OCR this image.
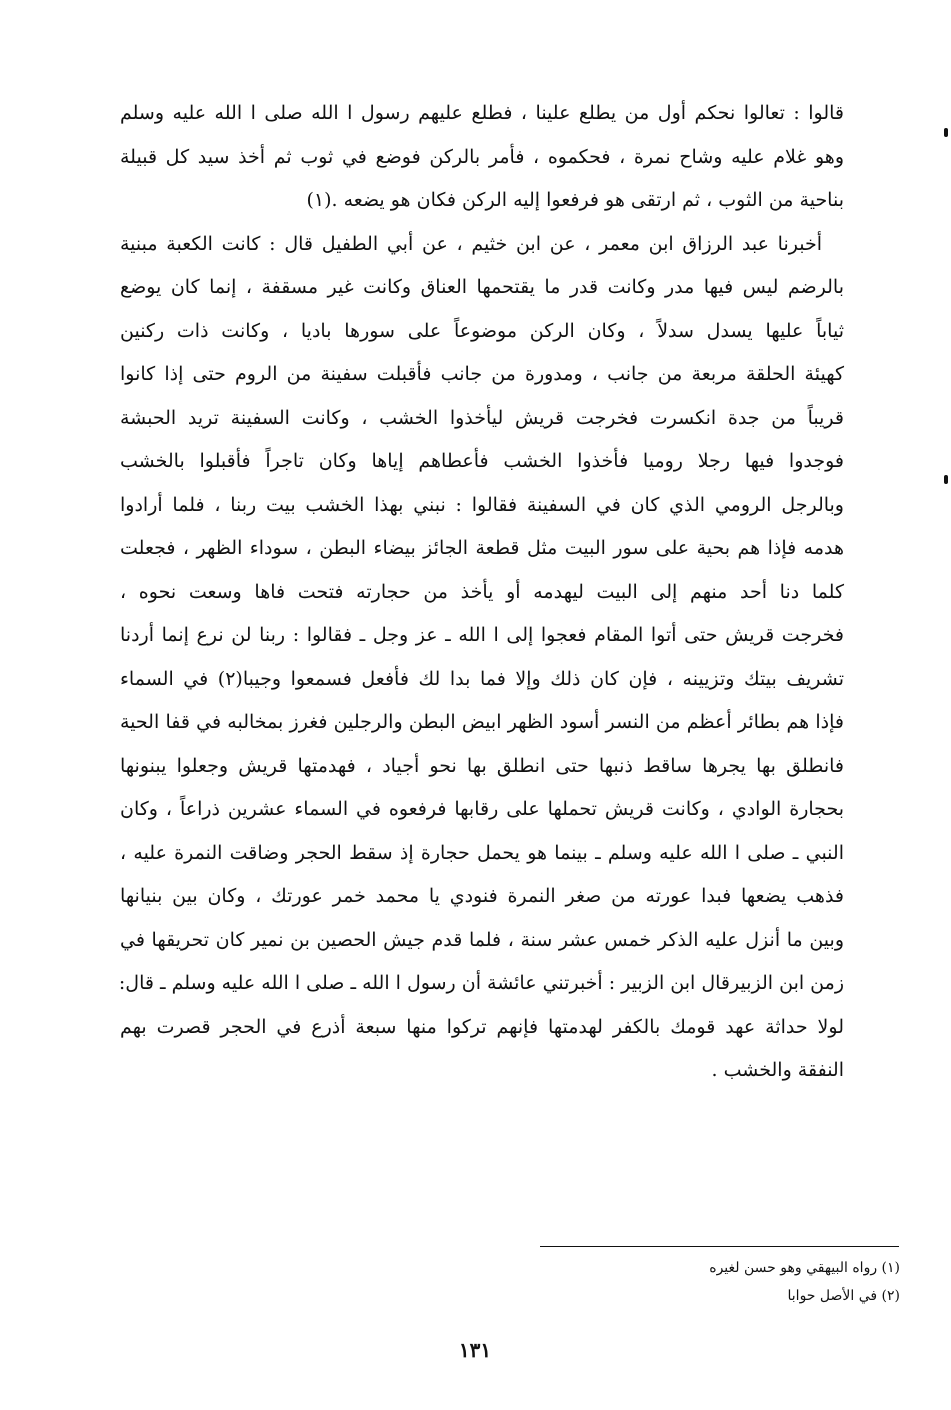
قالوا : تعالوا نحكم أول من يطلع علينا ، فطلع عليهم رسول ا الله صلى ا الله عليه وسلم
وهو غلام عليه وشاح نمرة ، فحكموه ، فأمر بالركن فوضع في ثوب ثم أخذ سيد كل قبيلة
بناحية من الثوب ، ثم ارتقى هو فرفعوا إليه الركن فكان هو يضعه .(١)
أخبرنا عبد الرزاق ابن معمر ، عن ابن خثيم ، عن أبي الطفيل قال : كانت الكعبة مبنية
بالرضم ليس فيها مدر وكانت قدر ما يقتحمها العناق وكانت غير مسقفة ، إنما كان يوضع
ثياباً عليها يسدل سدلاً ، وكان الركن موضوعاً على سورها باديا ، وكانت ذات ركنين
كهيئة الحلقة مربعة من جانب ، ومدورة من جانب فأقبلت سفينة من الروم حتى إذا كانوا
قريباً من جدة انكسرت فخرجت قريش ليأخذوا الخشب ، وكانت السفينة تريد الحبشة
فوجدوا فيها رجلا روميا فأخذوا الخشب فأعطاهم إياها وكان تاجراً فأقبلوا بالخشب
وبالرجل الرومي الذي كان في السفينة فقالوا : نبني بهذا الخشب بيت ربنا ، فلما أرادوا
هدمه فإذا هم بحية على سور البيت مثل قطعة الجائز بيضاء البطن ، سوداء الظهر ، فجعلت
كلما دنا أحد منهم إلى البيت ليهدمه أو يأخذ من حجارته فتحت فاها وسعت نحوه ،
فخرجت قريش حتى أتوا المقام فعجوا إلى ا الله ـ عز وجل ـ فقالوا : ربنا لن نرع إنما أردنا
تشريف بيتك وتزيينه ، فإن كان ذلك وإلا فما بدا لك فأفعل فسمعوا وجيبا(٢) في السماء
فإذا هم بطائر أعظم من النسر أسود الظهر ابيض البطن والرجلين فغرز بمخالبه في قفا الحية
فانطلق بها يجرها ساقط ذنبها حتى انطلق بها نحو أجياد ، فهدمتها قريش وجعلوا يبنونها
بحجارة الوادي ، وكانت قريش تحملها على رقابها فرفعوه في السماء عشرين ذراعاً ، وكان
النبي ـ صلى ا الله عليه وسلم ـ بينما هو يحمل حجارة إذ سقط الحجر وضاقت النمرة عليه ،
فذهب يضعها فبدا عورته من صغر النمرة فنودي يا محمد خمر عورتك ، وكان بين بنيانها
وبين ما أنزل عليه الذكر خمس عشر سنة ، فلما قدم جيش الحصين بن نمير كان تحريقها في
زمن ابن الزبيرقال ابن الزبير : أخبرتني عائشة أن رسول ا الله ـ صلى ا الله عليه وسلم ـ قال:
لولا حداثة عهد قومك بالكفر لهدمتها فإنهم تركوا منها سبعة أذرع في الحجر قصرت بهم
النفقة والخشب .
(١) رواه البيهقي وهو حسن لغيره
(٢) في الأصل حوابا
١٣١
